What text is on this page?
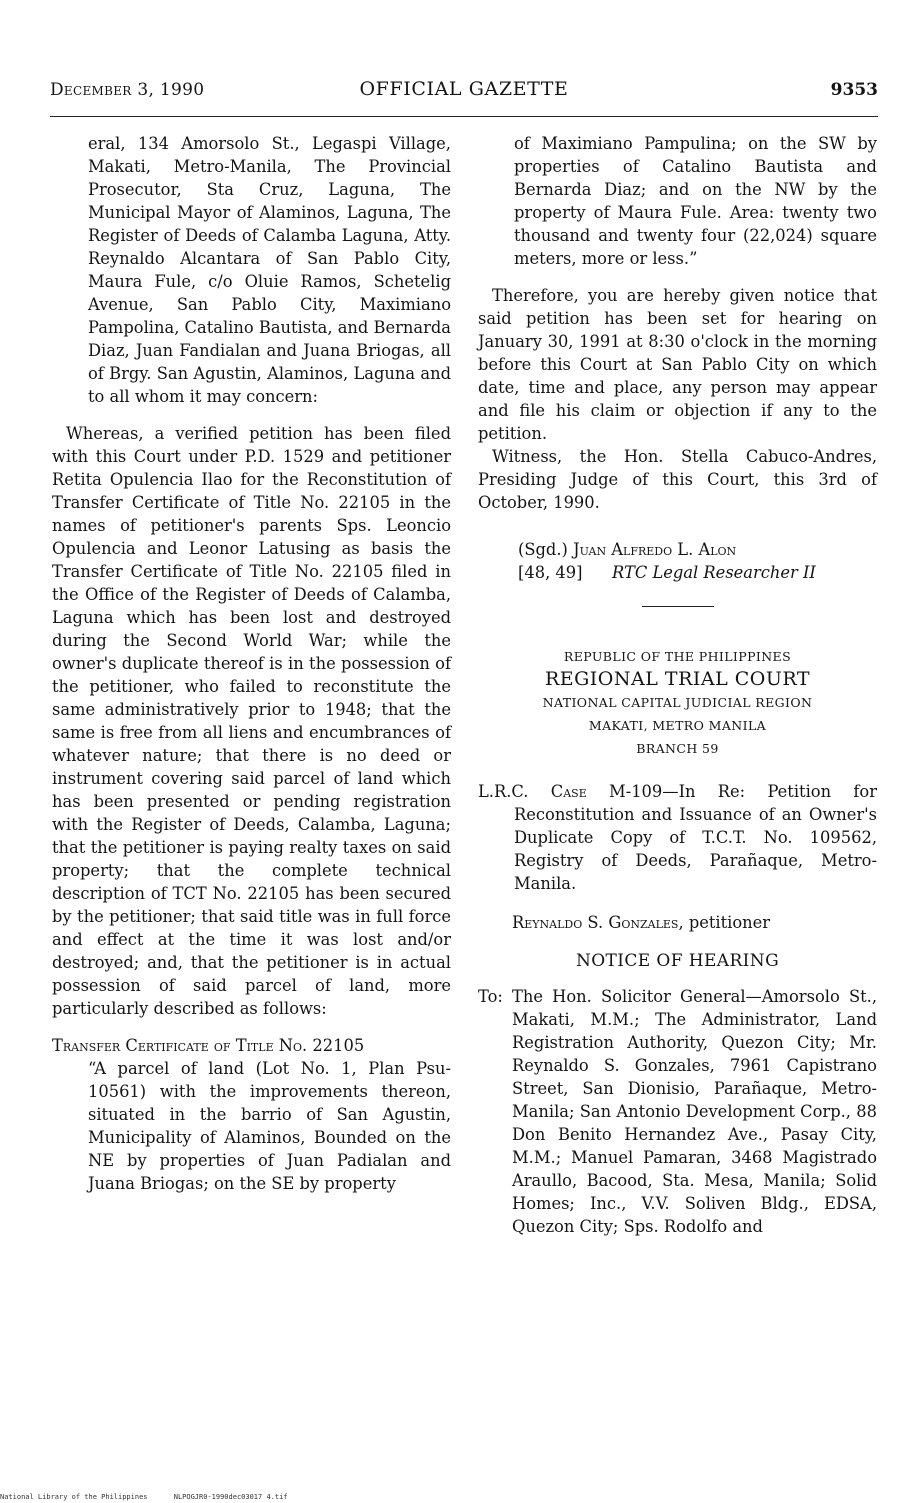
December 3, 1990	OFFICIAL GAZETTE	9353

eral, 134 Amorsolo St., Legaspi Village, Makati, Metro-Manila, The Provincial Prosecutor, Sta Cruz, Laguna, The Municipal Mayor of Alaminos, Laguna, The Register of Deeds of Calamba Laguna, Atty. Reynaldo Alcantara of San Pablo City, Maura Fule, c/o Oluie Ramos, Schetelig Avenue, San Pablo City, Maximiano Pampolina, Catalino Bautista, and Bernarda Diaz, Juan Fandialan and Juana Briogas, all of Brgy. San Agustin, Alaminos, Laguna and to all whom it may concern:

Whereas, a verified petition has been filed with this Court under P.D. 1529 and petitioner Retita Opulencia Ilao for the Reconstitution of Transfer Certificate of Title No. 22105 in the names of petitioner's parents Sps. Leoncio Opulencia and Leonor Latusing as basis the Transfer Certificate of Title No. 22105 filed in the Office of the Register of Deeds of Calamba, Laguna which has been lost and destroyed during the Second World War; while the owner's duplicate thereof is in the possession of the petitioner, who failed to reconstitute the same administratively prior to 1948; that the same is free from all liens and encumbrances of whatever nature; that there is no deed or instrument covering said parcel of land which has been presented or pending registration with the Register of Deeds, Calamba, Laguna; that the petitioner is paying realty taxes on said property; that the complete technical description of TCT No. 22105 has been secured by the petitioner; that said title was in full force and effect at the time it was lost and/or destroyed; and, that the petitioner is in actual possession of said parcel of land, more particularly described as follows:

Transfer Certificate of Title No. 22105

“A parcel of land (Lot No. 1, Plan Psu-10561) with the improvements thereon, situated in the barrio of San Agustin, Municipality of Alaminos, Bounded on the NE by properties of Juan Padialan and Juana Briogas; on the SE by property

of Maximiano Pampulina; on the SW by properties of Catalino Bautista and Bernarda Diaz; and on the NW by the property of Maura Fule. Area: twenty two thousand and twenty four (22,024) square meters, more or less.”

Therefore, you are hereby given notice that said petition has been set for hearing on January 30, 1991 at 8:30 o'clock in the morning before this Court at San Pablo City on which date, time and place, any person may appear and file his claim or objection if any to the petition.

Witness, the Hon. Stella Cabuco-Andres, Presiding Judge of this Court, this 3rd of October, 1990.

(Sgd.) Juan Alfredo L. Alon
[48, 49]	RTC Legal Researcher II
REPUBLIC OF THE PHILIPPINES
REGIONAL TRIAL COURT
NATIONAL CAPITAL JUDICIAL REGION
MAKATI, METRO MANILA
BRANCH 59

L.R.C. Case M-109—In Re: Petition for Reconstitution and Issuance of an Owner's Duplicate Copy of T.C.T. No. 109562, Registry of Deeds, Parañaque, Metro-Manila.

Reynaldo S. Gonzales, petitioner

NOTICE OF HEARING

To: The Hon. Solicitor General—Amorsolo St., Makati, M.M.; The Administrator, Land Registration Authority, Quezon City; Mr. Reynaldo S. Gonzales, 7961 Capistrano Street, San Dionisio, Parañaque, Metro-Manila; San Antonio Development Corp., 88 Don Benito Hernandez Ave., Pasay City, M.M.; Manuel Pamaran, 3468 Magistrado Araullo, Bacood, Sta. Mesa, Manila; Solid Homes; Inc., V.V. Soliven Bldg., EDSA, Quezon City; Sps. Rodolfo and
National Library of the Philippines	NLPOGJR0-1990dec03017 4.tif
